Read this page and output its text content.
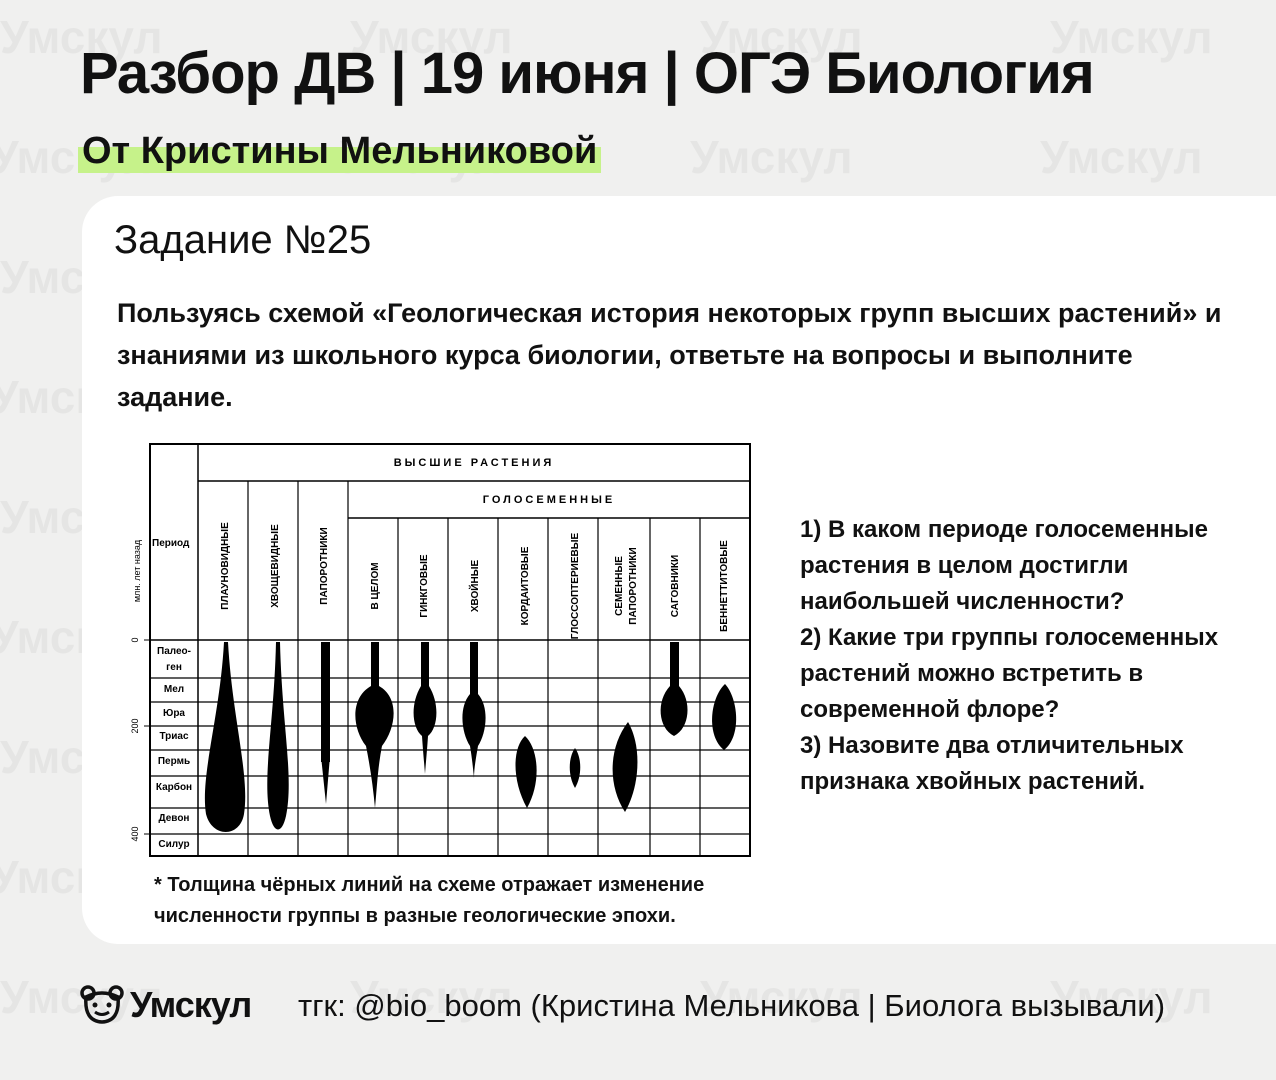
Разбор ДВ | 19 июня | ОГЭ Биология
От Кристины Мельниковой
Задание №25

Пользуясь схемой «Геологическая история некоторых групп высших растений» и знаниями из школьного курса биологии, ответьте на вопросы и выполните задание.

ВЫСШИЕ РАСТЕНИЯ
ГОЛОСЕМЕННЫЕ
млн. лет назад Период
0
200
400
Палео-
ген
Мел
Юра
Триас
Пермь
Карбон
Девон
Силур
ПЛАУНОВИДНЫЕ	ХВОЩЕВИДНЫЕ	ПАПОРОТНИКИ	В ЦЕЛОМ	ГИНКГОВЫЕ	ХВОЙНЫЕ	КОРДАИТОВЫЕ	ГЛОССОПТЕРИЕВЫЕ	СЕМЕННЫЕ ПАПОРОТНИКИ	САГОВНИКИ	БЕННЕТТИТОВЫЕ

* Толщина чёрных линий на схеме отражает изменение численности группы в разные геологические эпохи.

1) В каком периоде голосеменные растения в целом достигли наибольшей численности?
2) Какие три группы голосеменных растений можно встретить в современной флоре?
3) Назовите два отличительных признака хвойных растений.
Умскул тгк: @bio_boom (Кристина Мельникова | Биолога вызывали)
